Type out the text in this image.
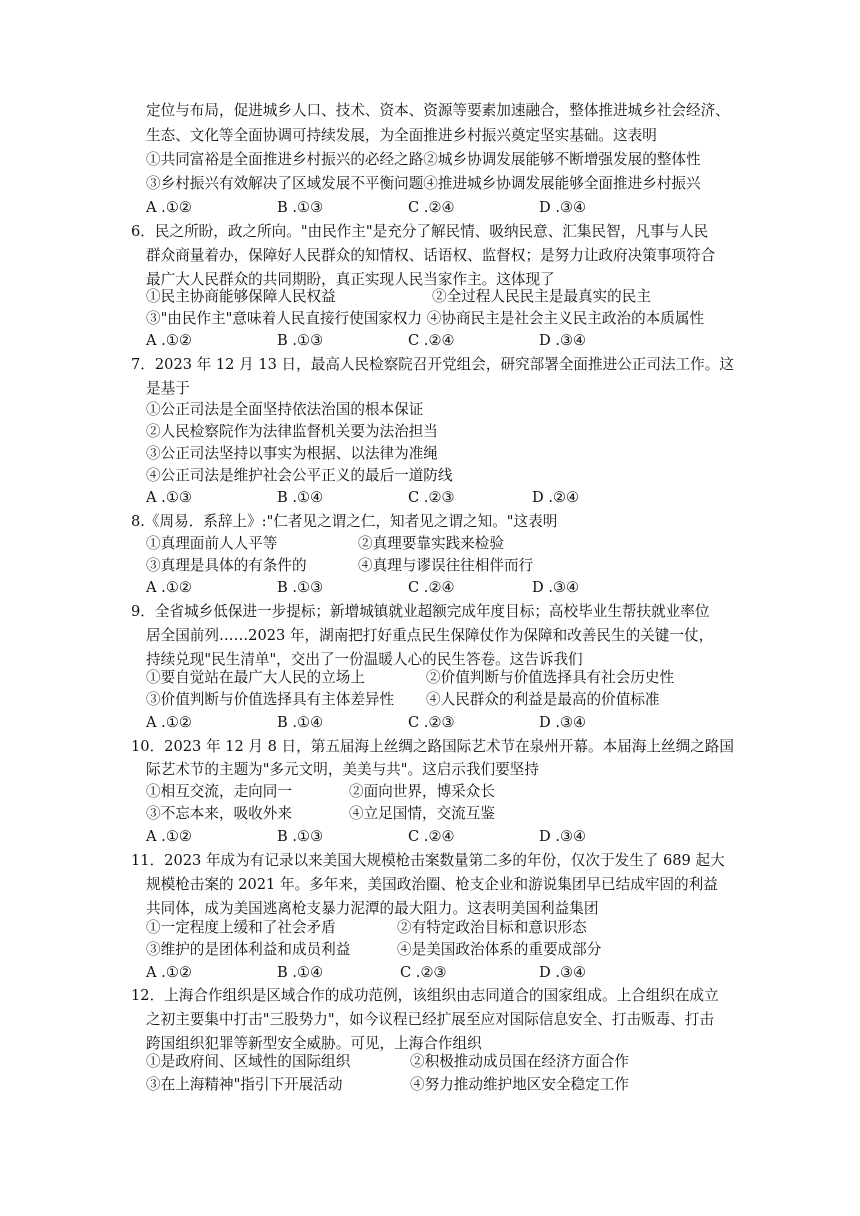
定位与布局，促进城乡人口、技术、资本、资源等要素加速融合，整体推进城乡社会经济、
生态、文化等全面协调可持续发展，为全面推进乡村振兴奠定坚实基础。这表明
①共同富裕是全面推进乡村振兴的必经之路②城乡协调发展能够不断增强发展的整体性
③乡村振兴有效解决了区域发展不平衡问题④推进城乡协调发展能够全面推进乡村振兴
A .①②	B .①③	C .②④	D .③④
6．民之所盼，政之所向。"由民作主"是充分了解民情、吸纳民意、汇集民智，凡事与人民
群众商量着办，保障好人民群众的知情权、话语权、监督权；是努力让政府决策事项符合
最广大人民群众的共同期盼，真正实现人民当家作主。这体现了
①民主协商能够保障人民权益	②全过程人民民主是最真实的民主
③"由民作主"意味着人民直接行使国家权力 ④协商民主是社会主义民主政治的本质属性
A .①②	B .①③	C .②④	D .③④
7．2023 年 12 月 13 日，最高人民检察院召开党组会，研究部署全面推进公正司法工作。这
是基于
①公正司法是全面坚持依法治国的根本保证
②人民检察院作为法律监督机关要为法治担当
③公正司法坚持以事实为根据、以法律为准绳
④公正司法是维护社会公平正义的最后一道防线
A .①③	B .①④	C .②③	D .②④
8.《周易．系辞上》:"仁者见之谓之仁，知者见之谓之知。"这表明
①真理面前人人平等	②真理要靠实践来检验
③真理是具体的有条件的	④真理与谬误往往相伴而行
A .①②	B .①③	C .②④	D .③④
9．全省城乡低保进一步提标；新增城镇就业超额完成年度目标；高校毕业生帮扶就业率位
居全国前列……2023 年，湖南把打好重点民生保障仗作为保障和改善民生的关键一仗，
持续兑现"民生清单"，交出了一份温暖人心的民生答卷。这告诉我们
①要自觉站在最广大人民的立场上	②价值判断与价值选择具有社会历史性
③价值判断与价值选择具有主体差异性 ④人民群众的利益是最高的价值标准
A .①②	B .①④	C .②③	D .③④
10．2023 年 12 月 8 日，第五届海上丝绸之路国际艺术节在泉州开幕。本届海上丝绸之路国
际艺术节的主题为"多元文明，美美与共"。这启示我们要坚持
①相互交流，走向同一	②面向世界，博采众长
③不忘本来，吸收外来	④立足国情，交流互鉴
A .①②	B .①③	C .②④	D .③④
11．2023 年成为有记录以来美国大规模枪击案数量第二多的年份，仅次于发生了 689 起大
规模枪击案的 2021 年。多年来，美国政治圈、枪支企业和游说集团早已结成牢固的利益
共同体，成为美国逃离枪支暴力泥潭的最大阻力。这表明美国利益集团
①一定程度上缓和了社会矛盾	②有特定政治目标和意识形态
③维护的是团体利益和成员利益	④是美国政治体系的重要成部分
A .①②	B .①④	C .②③	D .③④
12．上海合作组织是区域合作的成功范例，该组织由志同道合的国家组成。上合组织在成立
之初主要集中打击"三股势力"，如今议程已经扩展至应对国际信息安全、打击贩毒、打击
跨国组织犯罪等新型安全威胁。可见，上海合作组织
①是政府间、区域性的国际组织	②积极推动成员国在经济方面合作
③在上海精神"指引下开展活动	④努力推动维护地区安全稳定工作
